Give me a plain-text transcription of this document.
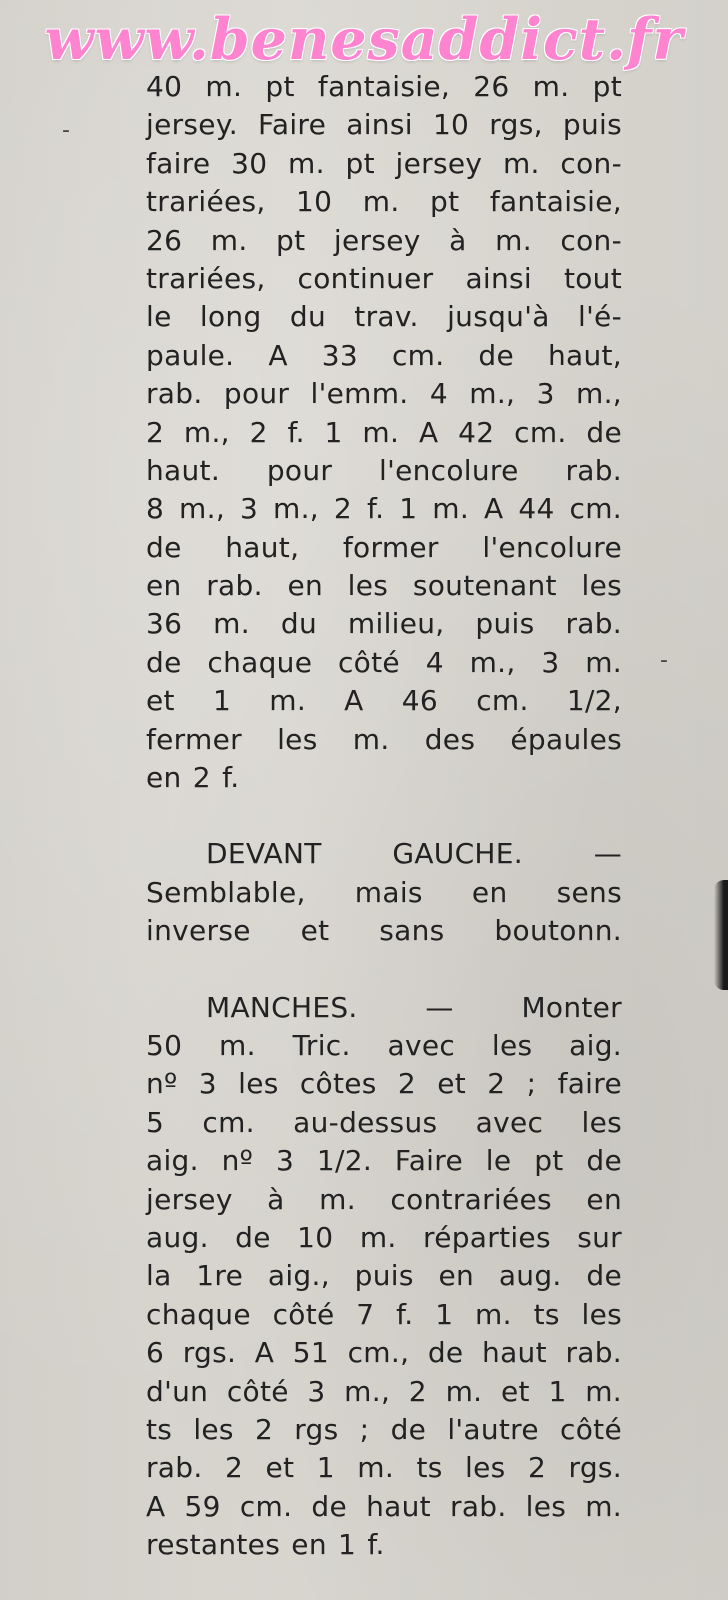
www.benesaddict.fr
40 m. pt fantaisie, 26 m. pt
jersey. Faire ainsi 10 rgs, puis
faire 30 m. pt jersey m. con-
trariées, 10 m. pt fantaisie,
26 m. pt jersey à m. con-
trariées, continuer ainsi tout
le long du trav. jusqu'à l'é-
paule. A 33 cm. de haut,
rab. pour l'emm. 4 m., 3 m.,
2 m., 2 f. 1 m. A 42 cm. de
haut. pour l'encolure rab.
8 m., 3 m., 2 f. 1 m. A 44 cm.
de haut, former l'encolure
en rab. en les soutenant les
36 m. du milieu, puis rab.
de chaque côté 4 m., 3 m.
et 1 m. A 46 cm. 1/2,
fermer les m. des épaules
en 2 f.
DEVANT GAUCHE. —
Semblable, mais en sens
inverse et sans boutonn.
MANCHES. — Monter
50 m. Tric. avec les aig.
nº 3 les côtes 2 et 2 ; faire
5 cm. au-dessus avec les
aig. nº 3 1/2. Faire le pt de
jersey à m. contrariées en
aug. de 10 m. réparties sur
la 1re aig., puis en aug. de
chaque côté 7 f. 1 m. ts les
6 rgs. A 51 cm., de haut rab.
d'un côté 3 m., 2 m. et 1 m.
ts les 2 rgs ; de l'autre côté
rab. 2 et 1 m. ts les 2 rgs.
A 59 cm. de haut rab. les m.
restantes en 1 f.
-
-
